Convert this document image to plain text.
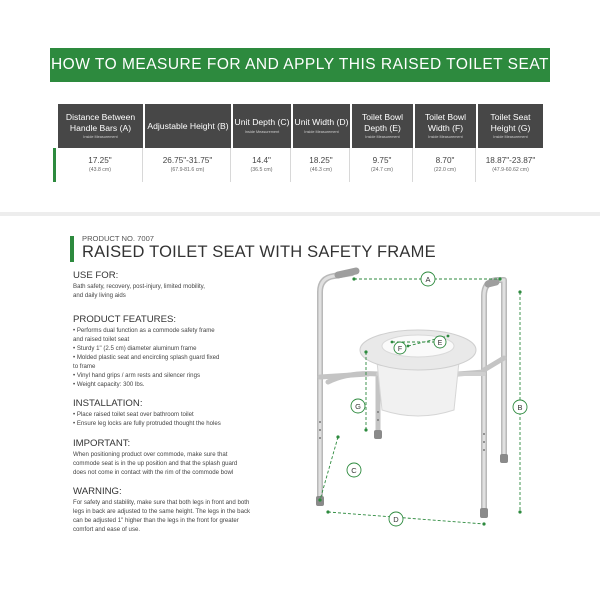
HOW TO MEASURE FOR AND APPLY THIS RAISED TOILET SEAT
Distance Between Handle Bars (A)
Inside Measurement
Adjustable Height (B) Unit Depth (C)
Inside Measurement
Unit Width (D)
Inside Measurement
Toilet Bowl Depth (E)
Inside Measurement
Toilet Bowl Width (F)
Inside Measurement
Toilet Seat Height (G)
Inside Measurement
17.25"
(43.8 cm)
26.75"-31.75"
(67.9-81.6 cm)
14.4"
(36.5 cm)
18.25"
(46.3 cm)
9.75"
(24.7 cm)
8.70"
(22.0 cm)
18.87"-23.87"
(47.9-60.62 cm)
PRODUCT NO. 7007
RAISED TOILET SEAT WITH SAFETY FRAME
USE FOR:
Bath safety, recovery, post-injury, limited mobility,
and daily living aids
PRODUCT FEATURES:
• Performs dual function as a commode safety frame
and raised toilet seat
• Sturdy 1" (2.5 cm) diameter aluminum frame
• Molded plastic seat and encircling splash guard fixed
to frame
• Vinyl hand grips / arm rests and silencer rings
• Weight capacity: 300 lbs.
INSTALLATION:
• Place raised toilet seat over bathroom toilet
• Ensure leg locks are fully protruded thought the holes
IMPORTANT:
When positioning product over commode, make sure that
commode seat is in the up position and that the splash guard
does not come in contact with the rim of the commode bowl
WARNING:
For safety and stability, make sure that both legs in front and both
legs in back are adjusted to the same height. The legs in the back
can be adjusted 1" higher than the legs in the front for greater
comfort and ease of use.
A
B
C
D
E
F
G
